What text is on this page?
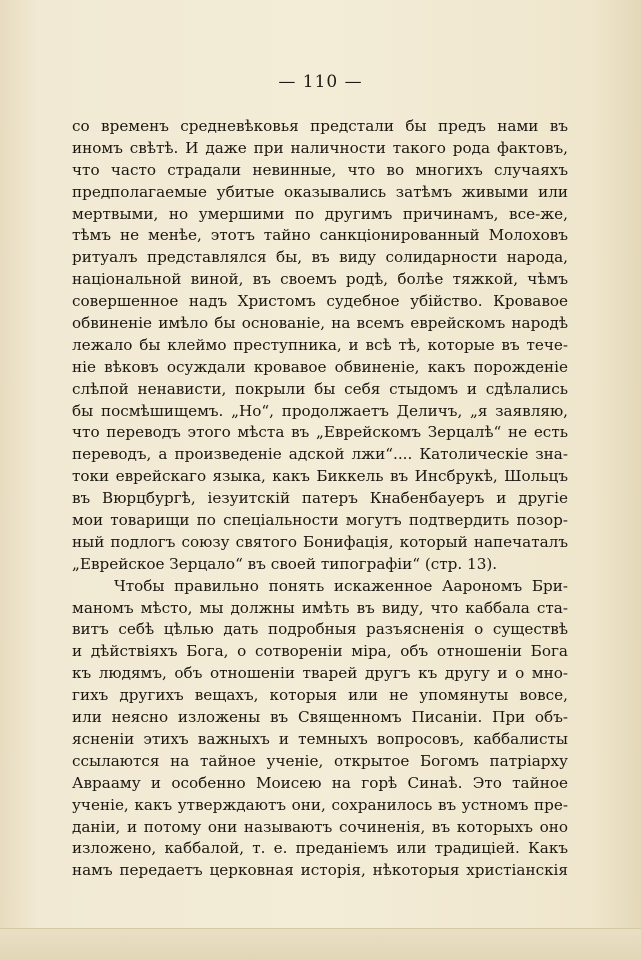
— 110 —
со временъ средневѣковья предстали бы предъ нами въ
иномъ свѣтѣ. И даже при наличности такого рода фактовъ,
что часто страдали невинные, что во многихъ случаяхъ
предполагаемые убитые оказывались затѣмъ живыми или
мертвыми, но умершими по другимъ причинамъ, все-же,
тѣмъ не менѣе, этотъ тайно санкціонированный Молоховъ
ритуалъ представлялся бы, въ виду солидарности народа,
національной виной, въ своемъ родѣ, болѣе тяжкой, чѣмъ
совершенное надъ Христомъ судебное убійство. Кровавое
обвиненіе имѣло бы основаніе, на всемъ еврейскомъ народѣ
лежало бы клеймо преступника, и всѣ тѣ, которые въ тече-
ніе вѣковъ осуждали кровавое обвиненіе, какъ порожденіе
слѣпой ненависти, покрыли бы себя стыдомъ и сдѣлались
бы посмѣшищемъ. „Но“, продолжаетъ Деличъ, „я заявляю,
что переводъ этого мѣста въ „Еврейскомъ Зерцалѣ“ не есть
переводъ, а произведеніе адской лжи“.... Католическіе зна-
токи еврейскаго языка, какъ Биккель въ Инсбрукѣ, Шольцъ
въ Вюрцбургѣ, іезуитскій патеръ Кнабенбауеръ и другіе
мои товарищи по спеціальности могутъ подтвердить позор-
ный подлогъ союзу святого Бонифація, который напечаталъ
„Еврейское Зерцало“ въ своей типографіи“ (стр. 13).
Чтобы правильно понять искаженное Аарономъ Бри-
маномъ мѣсто, мы должны имѣть въ виду, что каббала ста-
витъ себѣ цѣлью дать подробныя разъясненія о существѣ
и дѣйствіяхъ Бога, о сотвореніи міра, объ отношеніи Бога
къ людямъ, объ отношеніи тварей другъ къ другу и о мно-
гихъ другихъ вещахъ, которыя или не упомянуты вовсе,
или неясно изложены въ Священномъ Писаніи. При объ-
ясненіи этихъ важныхъ и темныхъ вопросовъ, каббалисты
ссылаются на тайное ученіе, открытое Богомъ патріарху
Аврааму и особенно Моисею на горѣ Синаѣ. Это тайное
ученіе, какъ утверждаютъ они, сохранилось въ устномъ пре-
даніи, и потому они называютъ сочиненія, въ которыхъ оно
изложено, каббалой, т. е. преданіемъ или традиціей. Какъ
намъ передаетъ церковная исторія, нѣкоторыя христіанскія
